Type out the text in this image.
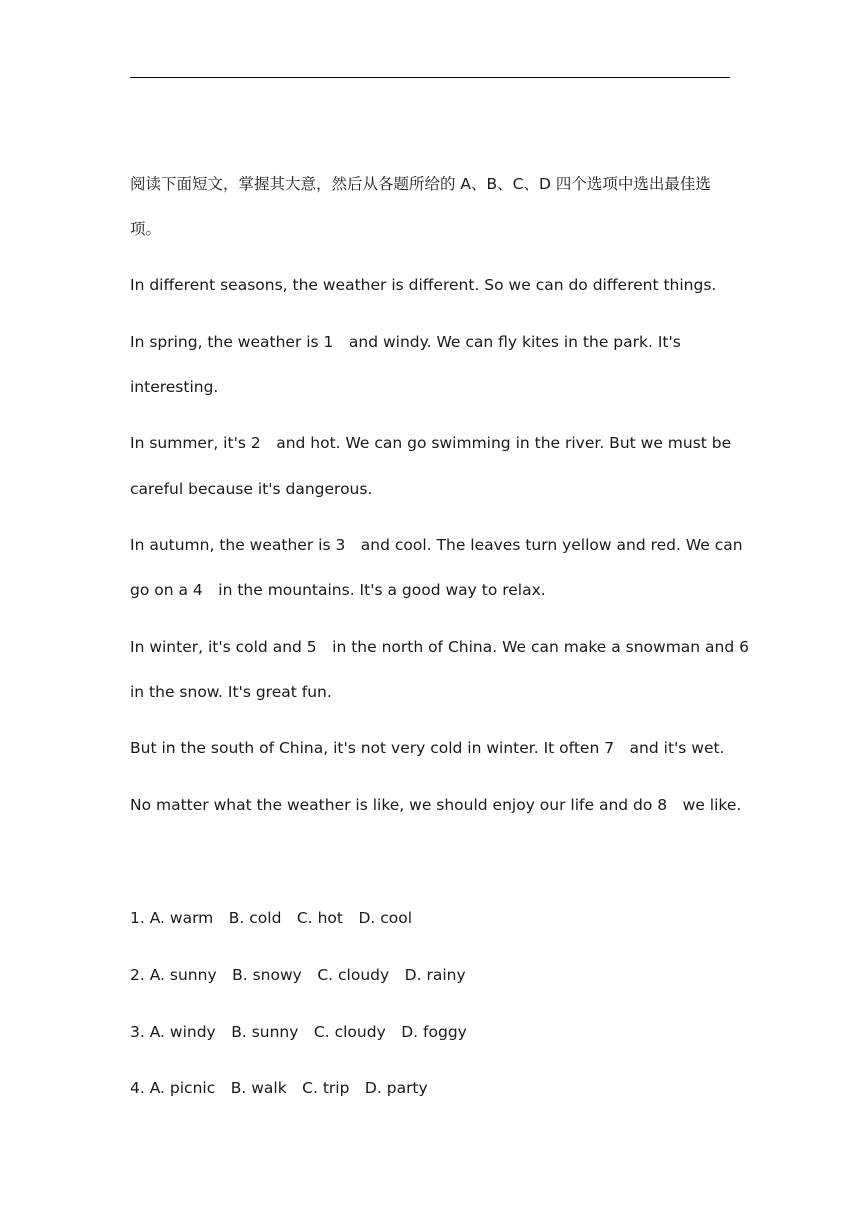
阅读下面短文，掌握其大意，然后从各题所给的 A、B、C、D 四个选项中选出最佳选

项。

In different seasons, the weather is different. So we can do different things.

In spring, the weather is 1　and windy. We can fly kites in the park. It's

interesting.

In summer, it's 2　and hot. We can go swimming in the river. But we must be

careful because it's dangerous.

In autumn, the weather is 3　and cool. The leaves turn yellow and red. We can

go on a 4　in the mountains. It's a good way to relax.

In winter, it's cold and 5　in the north of China. We can make a snowman and 6

in the snow. It's great fun.

But in the south of China, it's not very cold in winter. It often 7　and it's wet.

No matter what the weather is like, we should enjoy our life and do 8　we like.

1. A. warm　B. cold　C. hot　D. cool

2. A. sunny　B. snowy　C. cloudy　D. rainy

3. A. windy　B. sunny　C. cloudy　D. foggy

4. A. picnic　B. walk　C. trip　D. party
